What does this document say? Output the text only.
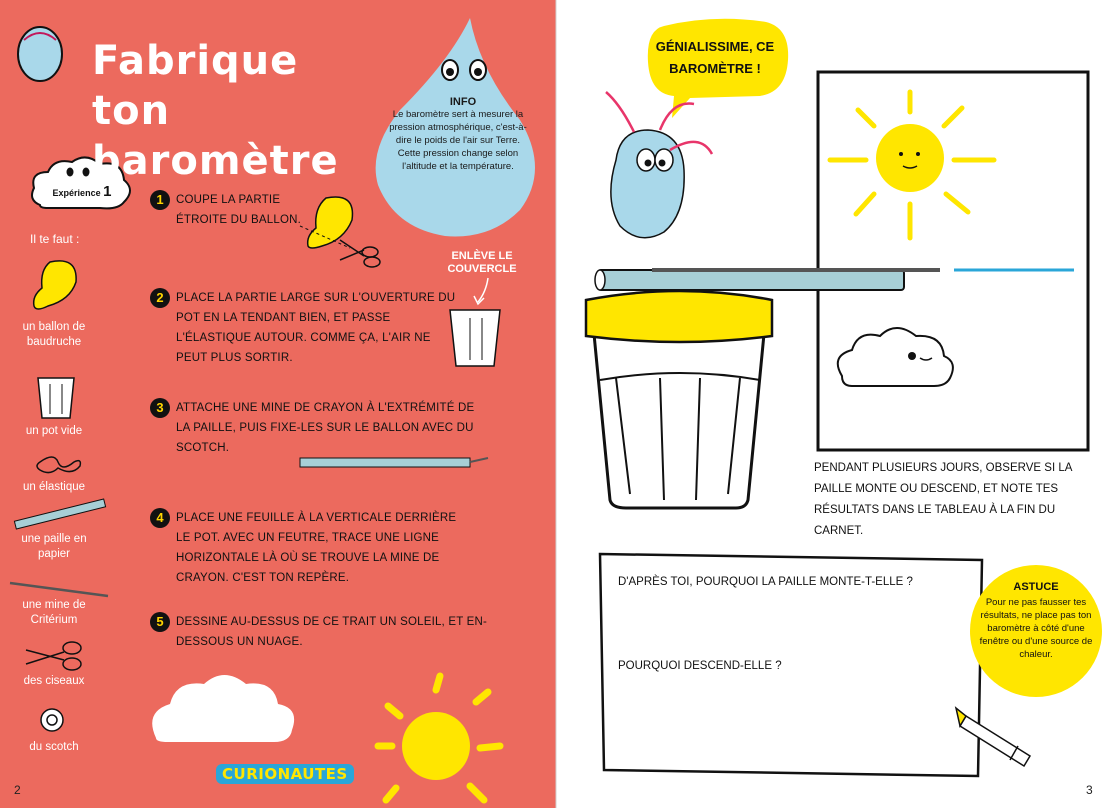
Fabrique ton baromètre
INFO
Le baromètre sert à mesurer la pression atmosphérique, c'est-à-dire le poids de l'air sur Terre. Cette pression change selon l'altitude et la température.
Expérience 1
Il te faut :
un ballon de baudruche
un pot vide
un élastique
une paille en papier
une mine de Critérium
des ciseaux
du scotch
1	COUPE LA PARTIE ÉTROITE DU BALLON.
2	PLACE LA PARTIE LARGE SUR L'OUVERTURE DU POT EN LA TENDANT BIEN, ET PASSE L'ÉLASTIQUE AUTOUR. COMME ÇA, L'AIR NE PEUT PLUS SORTIR.
3	ATTACHE UNE MINE DE CRAYON À L'EXTRÉMITÉ DE LA PAILLE, PUIS FIXE-LES SUR LE BALLON AVEC DU SCOTCH.
4	PLACE UNE FEUILLE À LA VERTICALE DERRIÈRE LE POT. AVEC UN FEUTRE, TRACE UNE LIGNE HORIZONTALE LÀ OÙ SE TROUVE LA MINE DE CRAYON. C'EST TON REPÈRE.
5	DESSINE AU-DESSUS DE CE TRAIT UN SOLEIL, ET EN-DESSOUS UN NUAGE.
ENLÈVE LE COUVERCLE
CURIONAUTES
2
GÉNIALISSIME, CE BAROMÈTRE !
PENDANT PLUSIEURS JOURS, OBSERVE SI LA PAILLE MONTE OU DESCEND, ET NOTE TES RÉSULTATS DANS LE TABLEAU À LA FIN DU CARNET.
D'APRÈS TOI, POURQUOI LA PAILLE MONTE-T-ELLE ?
POURQUOI DESCEND-ELLE ?
ASTUCE
Pour ne pas fausser tes résultats, ne place pas ton baromètre à côté d'une fenêtre ou d'une source de chaleur.
3
